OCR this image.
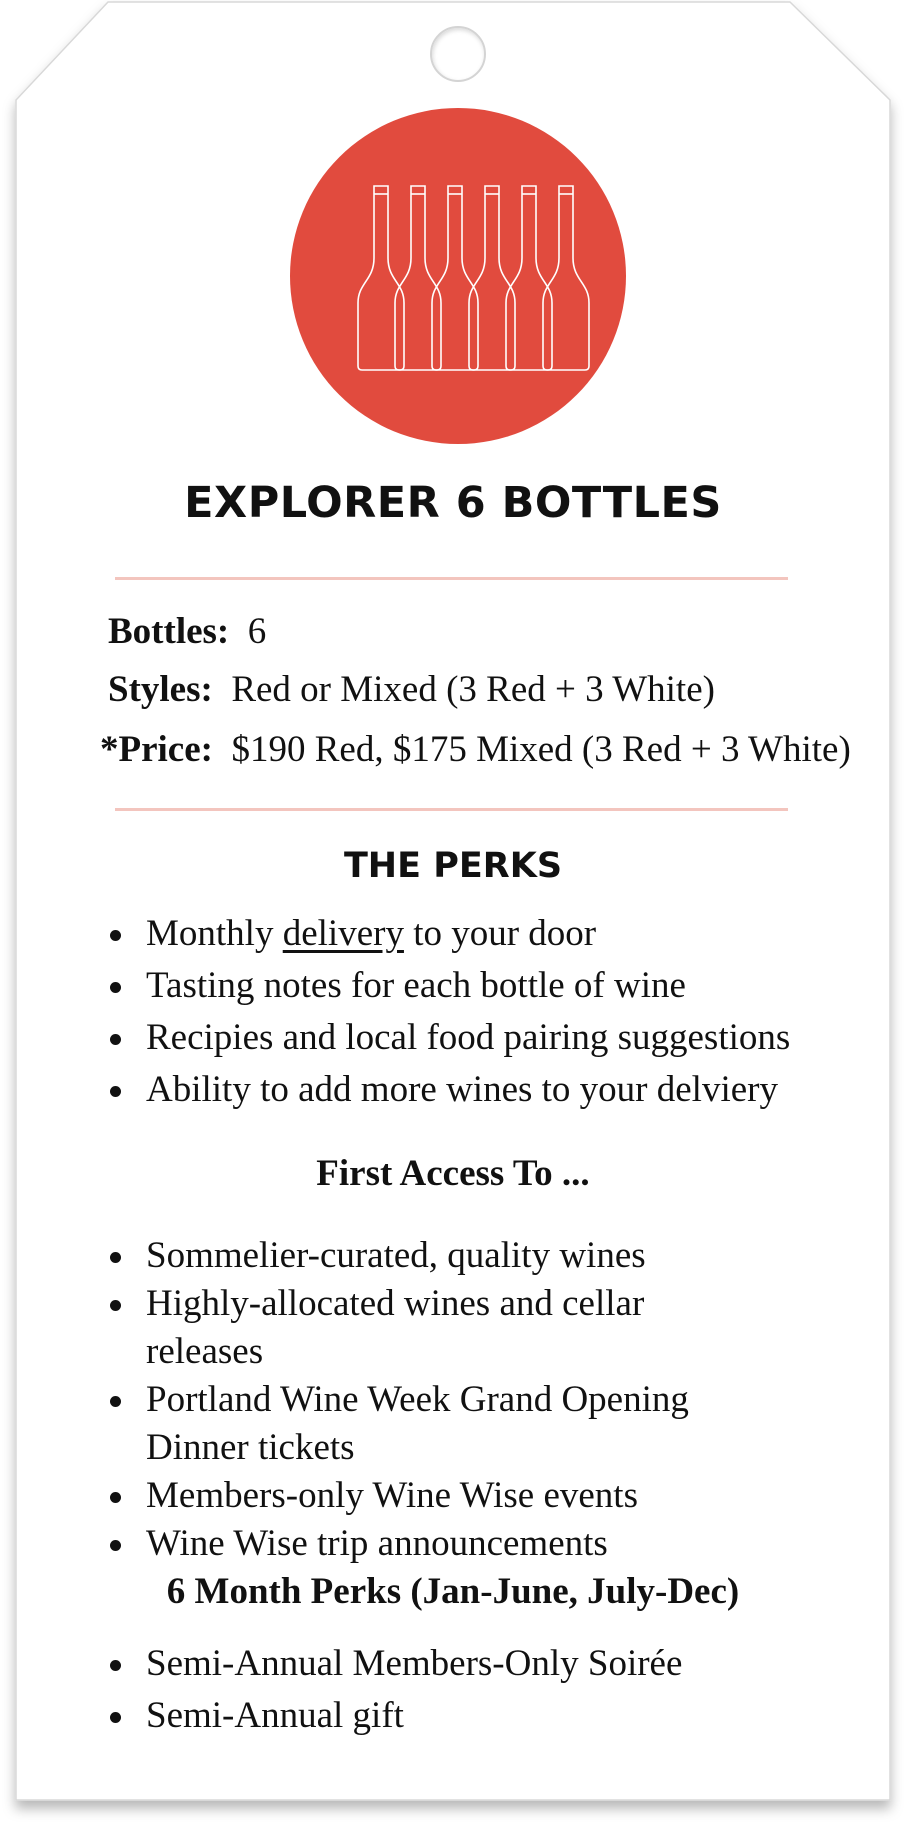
EXPLORER 6 BOTTLES
Bottles: 6
Styles: Red or Mixed (3 Red + 3 White)
*Price: $190 Red, $175 Mixed (3 Red + 3 White)
THE PERKS
Monthly delivery to your door
Tasting notes for each bottle of wine
Recipies and local food pairing suggestions
Ability to add more wines to your delviery
First Access To ...
Sommelier-curated, quality wines
Highly-allocated wines and cellar releases
Portland Wine Week Grand Opening Dinner tickets
Members-only Wine Wise events
Wine Wise trip announcements
6 Month Perks (Jan-June, July-Dec)
Semi-Annual Members-Only Soirée
Semi-Annual gift
